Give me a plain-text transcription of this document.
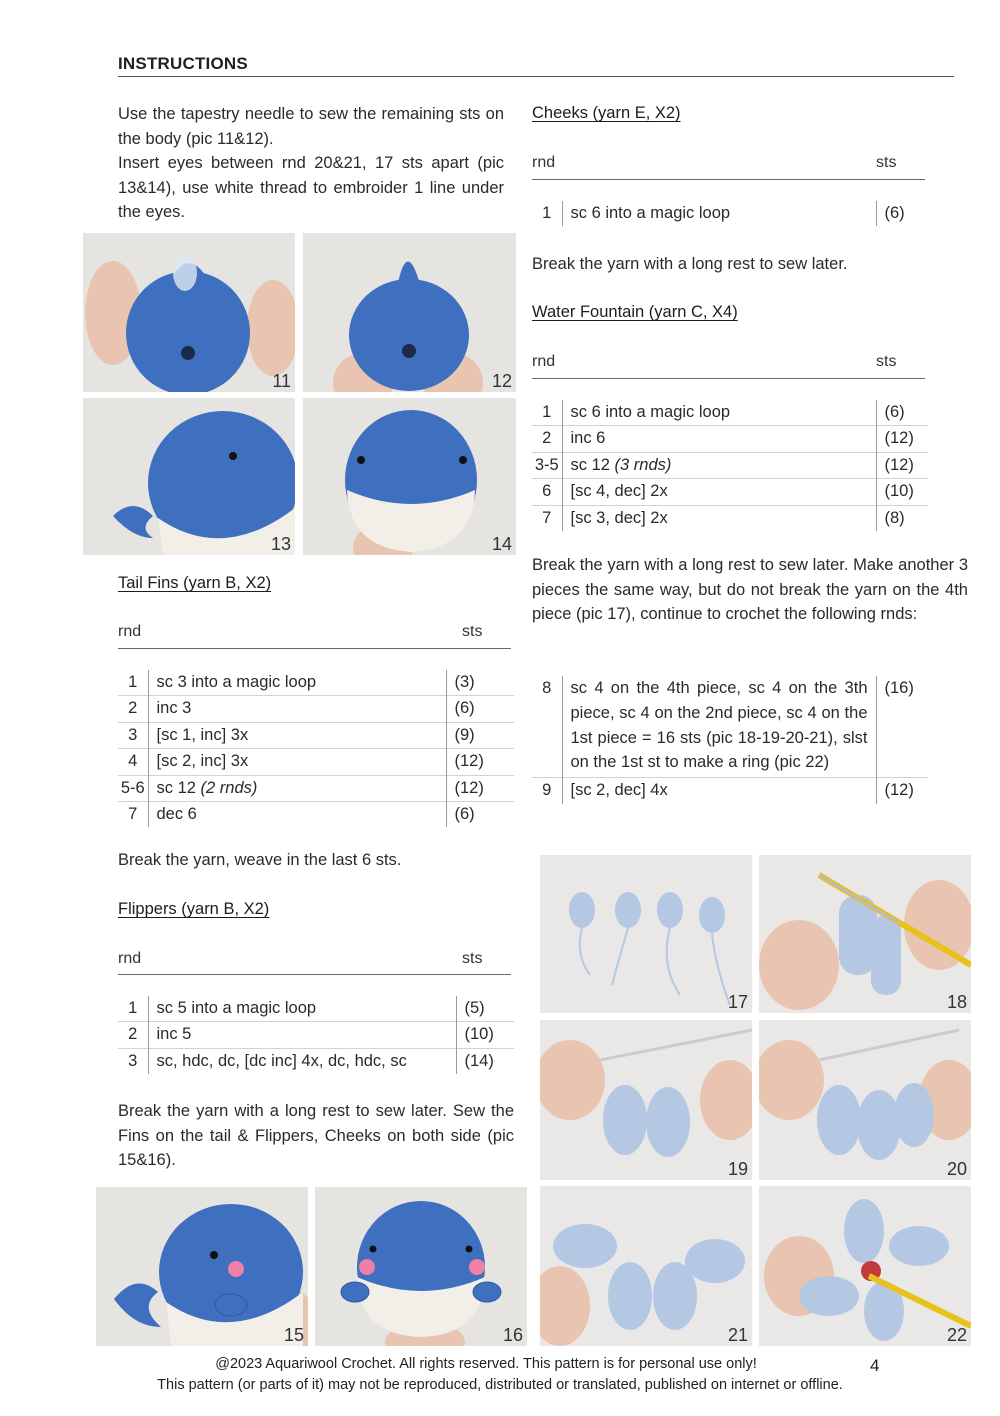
INSTRUCTIONS
Use the tapestry needle to sew the remaining sts on the body (pic 11&12).
Insert eyes between rnd 20&21, 17 sts apart (pic 13&14), use white thread to embroider 1 line under the eyes.
11	12
13	14
Tail Fins (yarn B, X2)
rnd	sts
1	sc 3 into a magic loop	(3)
2	inc 3	(6)
3	[sc 1, inc] 3x	(9)
4	[sc 2, inc] 3x	(12)
5-6	sc 12 (2 rnds)	(12)
7	dec 6	(6)
Break the yarn, weave in the last 6 sts.
Flippers (yarn B, X2)
rnd	sts
1	sc 5 into a magic loop	(5)
2	inc 5	(10)
3	sc, hdc, dc, [dc inc] 4x, dc, hdc, sc	(14)
Break the yarn with a long rest to sew later. Sew the Fins on the tail & Flippers, Cheeks on both side (pic 15&16).
15	16
Cheeks (yarn E, X2)
rnd	sts
1	sc 6 into a magic loop	(6)
Break the yarn with a long rest to sew later.
Water Fountain (yarn C, X4)
rnd	sts
1	sc 6 into a magic loop	(6)
2	inc 6	(12)
3-5	sc 12 (3 rnds)	(12)
6	[sc 4, dec] 2x	(10)
7	[sc 3, dec] 2x	(8)
Break the yarn with a long rest to sew later. Make another 3 pieces the same way, but do not break the yarn on the 4th piece (pic 17), continue to crochet the following rnds:
8	sc 4 on the 4th piece, sc 4 on the 3th piece, sc 4 on the 2nd piece, sc 4 on the 1st piece = 16 sts (pic 18-19-20-21), slst on the 1st st to make a ring (pic 22)	(16)
9	[sc 2, dec] 4x	(12)
17	18
19	20
21	22
@2023 Aquariwool Crochet. All rights reserved. This pattern is for personal use only!	4
This pattern (or parts of it) may not be reproduced, distributed or translated, published on internet or offline.
